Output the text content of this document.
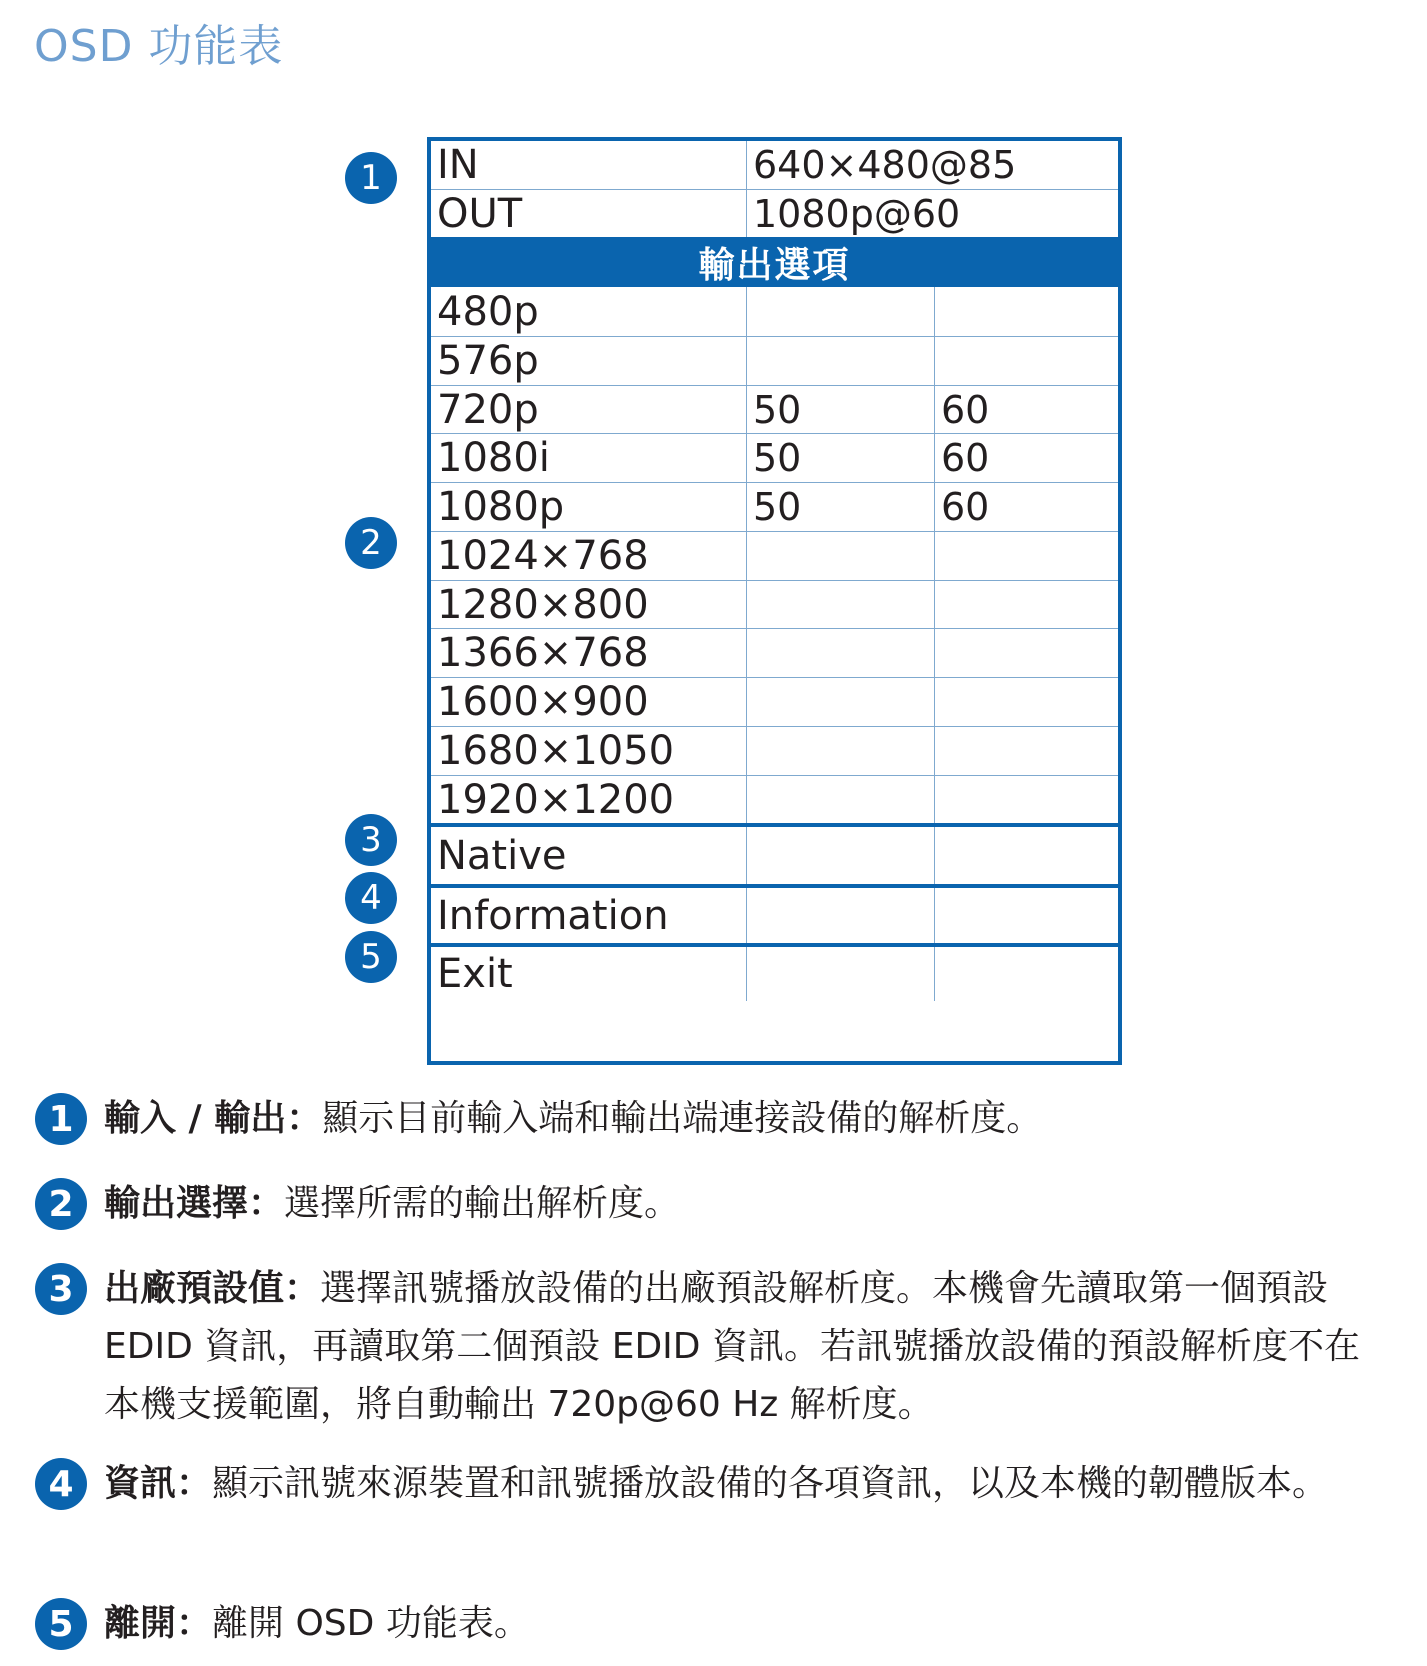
OSD 功能表
1
2
3
4
5
IN	640×480@85
OUT	1080p@60
輸出選項
480p
576p
720p	50	60
1080i	50	60
1080p	50	60
1024×768
1280×800
1366×768
1600×900
1680×1050
1920×1200
Native
Information
Exit
1 輸入 / 輸出：顯示目前輸入端和輸出端連接設備的解析度。
2 輸出選擇：選擇所需的輸出解析度。
3 出廠預設值：選擇訊號播放設備的出廠預設解析度。本機會先讀取第一個預設 EDID 資訊，再讀取第二個預設 EDID 資訊。若訊號播放設備的預設解析度不在本機支援範圍，將自動輸出 720p@60 Hz 解析度。
4 資訊：顯示訊號來源裝置和訊號播放設備的各項資訊，以及本機的韌體版本。
5 離開：離開 OSD 功能表。
